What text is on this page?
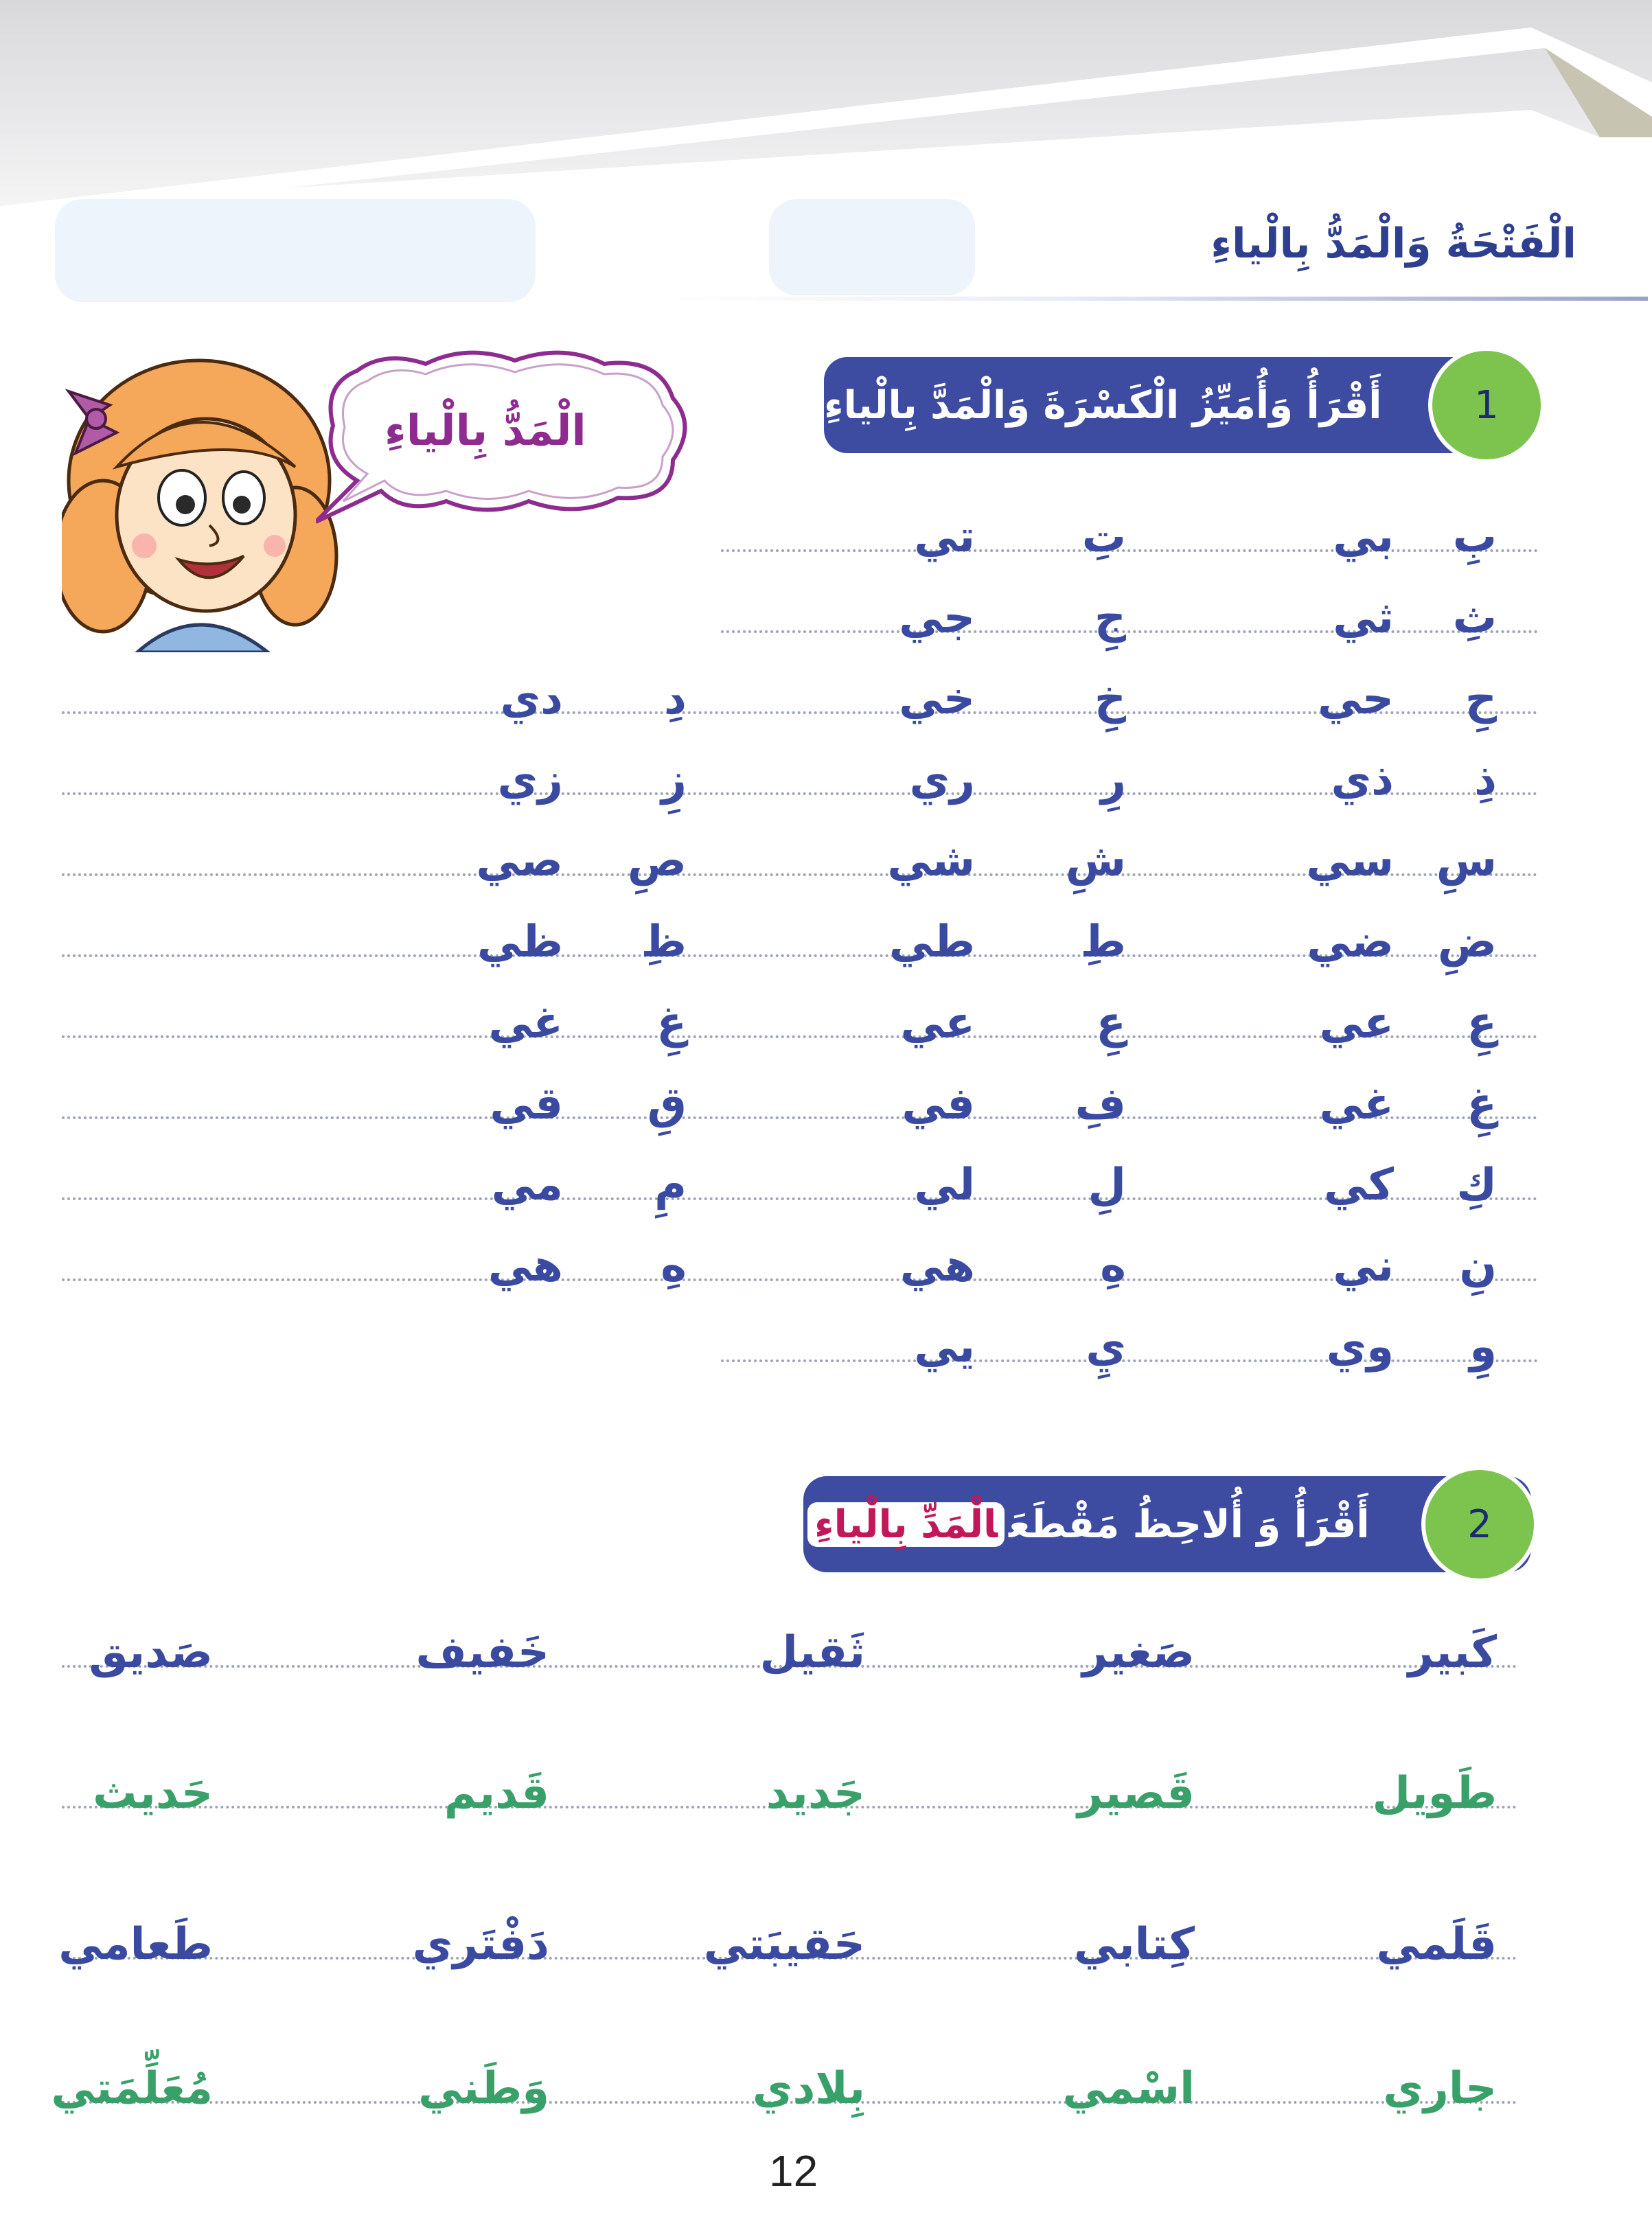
الْفَتْحَةُ وَالْمَدُّ بِالْياءِ
الْمَدُّ بِالْياءِ	أَقْرَأُ وَأُمَيِّزُ الْكَسْرَةَ وَالْمَدَّ بِالْياءِ 1
بِ
بي
تِ
تي
ثِ
ثي
جِ
جي
حِ
حي
خِ
خي
دِ
دي
ذِ
ذي
رِ
ري
زِ
زي
سِ
سي
شِ
شي
صِ
صي
ضِ
ضي
طِ
طي
ظِ
ظي
عِ
عي
عِ
عي
غِ
غي
غِ
غي
فِ
في
قِ
قي
كِ
كي
لِ
لي
مِ
مي
نِ
ني
هِ
هي
هِ
هي
وِ
وي
يِ
يي
أَقْرَأُ وَ أُلاحِظُ مَقْطَعَالْمَدِّ بِالْياءِ	2
كَبير
صَغير
ثَقيل
خَفيف
صَديق
طَويل
قَصير
جَديد
قَديم
حَديث
قَلَمي
كِتابي
حَقيبَتي
دَفْتَري
طَعامي
جاري
اسْمي
بِلادي
وَطَني
مُعَلِّمَتي
12
